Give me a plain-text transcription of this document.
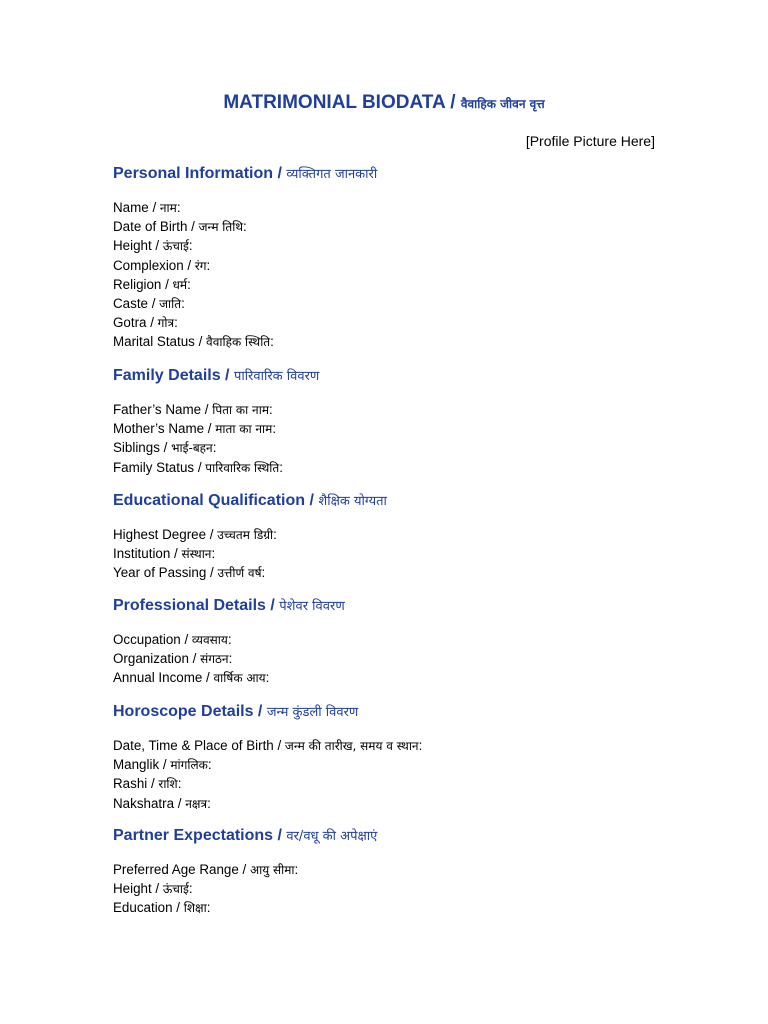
MATRIMONIAL BIODATA / वैवाहिक जीवन वृत्त
[Profile Picture Here]
Personal Information / व्यक्तिगत जानकारी
Name / नाम:
Date of Birth / जन्म तिथि:
Height / ऊंचाई:
Complexion / रंग:
Religion / धर्म:
Caste / जाति:
Gotra / गोत्र:
Marital Status / वैवाहिक स्थिति:
Family Details / पारिवारिक विवरण
Father’s Name / पिता का नाम:
Mother’s Name / माता का नाम:
Siblings / भाई-बहन:
Family Status / पारिवारिक स्थिति:
Educational Qualification / शैक्षिक योग्यता
Highest Degree / उच्चतम डिग्री:
Institution / संस्थान:
Year of Passing / उत्तीर्ण वर्ष:
Professional Details / पेशेवर विवरण
Occupation / व्यवसाय:
Organization / संगठन:
Annual Income / वार्षिक आय:
Horoscope Details / जन्म कुंडली विवरण
Date, Time & Place of Birth / जन्म की तारीख, समय व स्थान:
Manglik / मांगलिक:
Rashi / राशि:
Nakshatra / नक्षत्र:
Partner Expectations / वर/वधू की अपेक्षाएं
Preferred Age Range / आयु सीमा:
Height / ऊंचाई:
Education / शिक्षा:
